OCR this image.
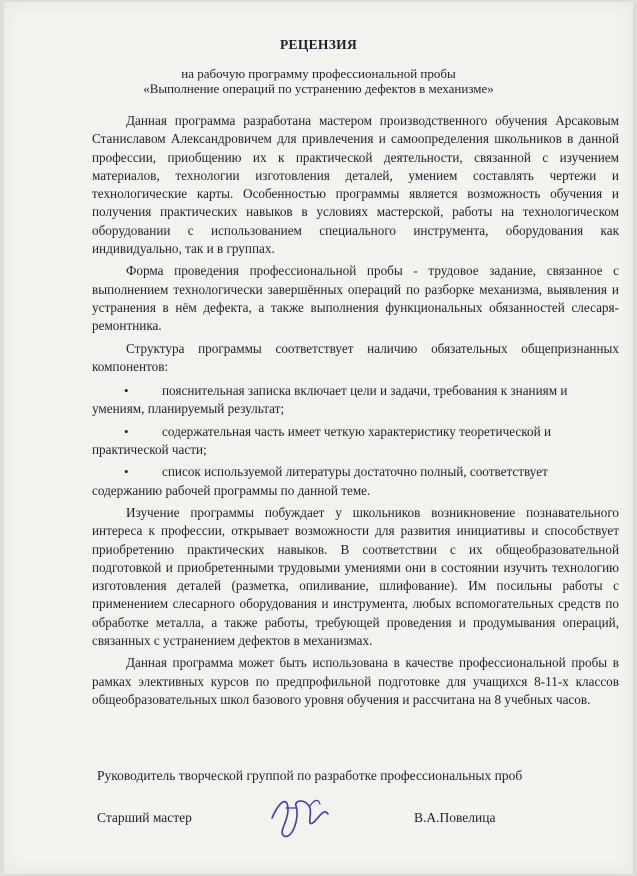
РЕЦЕНЗИЯ
на рабочую программу профессиональной пробы
«Выполнение операций по устранению дефектов в механизме»

Данная программа разработана мастером производственного обучения Арсаковым Станиславом Александровичем для привлечения и самоопределения школьников в данной профессии, приобщению их к практической деятельности, связанной с изучением материалов, технологии изготовления деталей, умением составлять чертежи и технологические карты. Особенностью программы является возможность обучения и получения практических навыков в условиях мастерской, работы на технологическом оборудовании с использованием специального инструмента, оборудования как индивидуально, так и в группах.

Форма проведения профессиональной пробы - трудовое задание, связанное с выполнением технологически завершённых операций по разборке механизма, выявления и устранения в нём дефекта, а также выполнения функциональных обязанностей слесаря-ремонтника.

Структура программы соответствует наличию обязательных общепризнанных компонентов:

•	пояснительная записка включает цели и задачи, требования к знаниям и
умениям, планируемый результат;
•	содержательная часть имеет четкую характеристику теоретической и
практической части;
•	список используемой литературы достаточно полный, соответствует
содержанию рабочей программы по данной теме.

Изучение программы побуждает у школьников возникновение познавательного интереса к профессии, открывает возможности для развития инициативы и способствует приобретению практических навыков. В соответствии с их общеобразовательной подготовкой и приобретенными трудовыми умениями они в состоянии изучить технологию изготовления деталей (разметка, опиливание, шлифование). Им посильны работы с применением слесарного оборудования и инструмента, любых вспомогательных средств по обработке металла, а также работы, требующей проведения и продумывания операций, связанных с устранением дефектов в механизмах.

Данная программа может быть использована в качестве профессиональной пробы в рамках элективных курсов по предпрофильной подготовке для учащихся 8-11-х классов общеобразовательных школ базового уровня обучения и рассчитана на 8 учебных часов.

Руководитель творческой группой по разработке профессиональных проб
Старший мастер	В.А.Повелица
